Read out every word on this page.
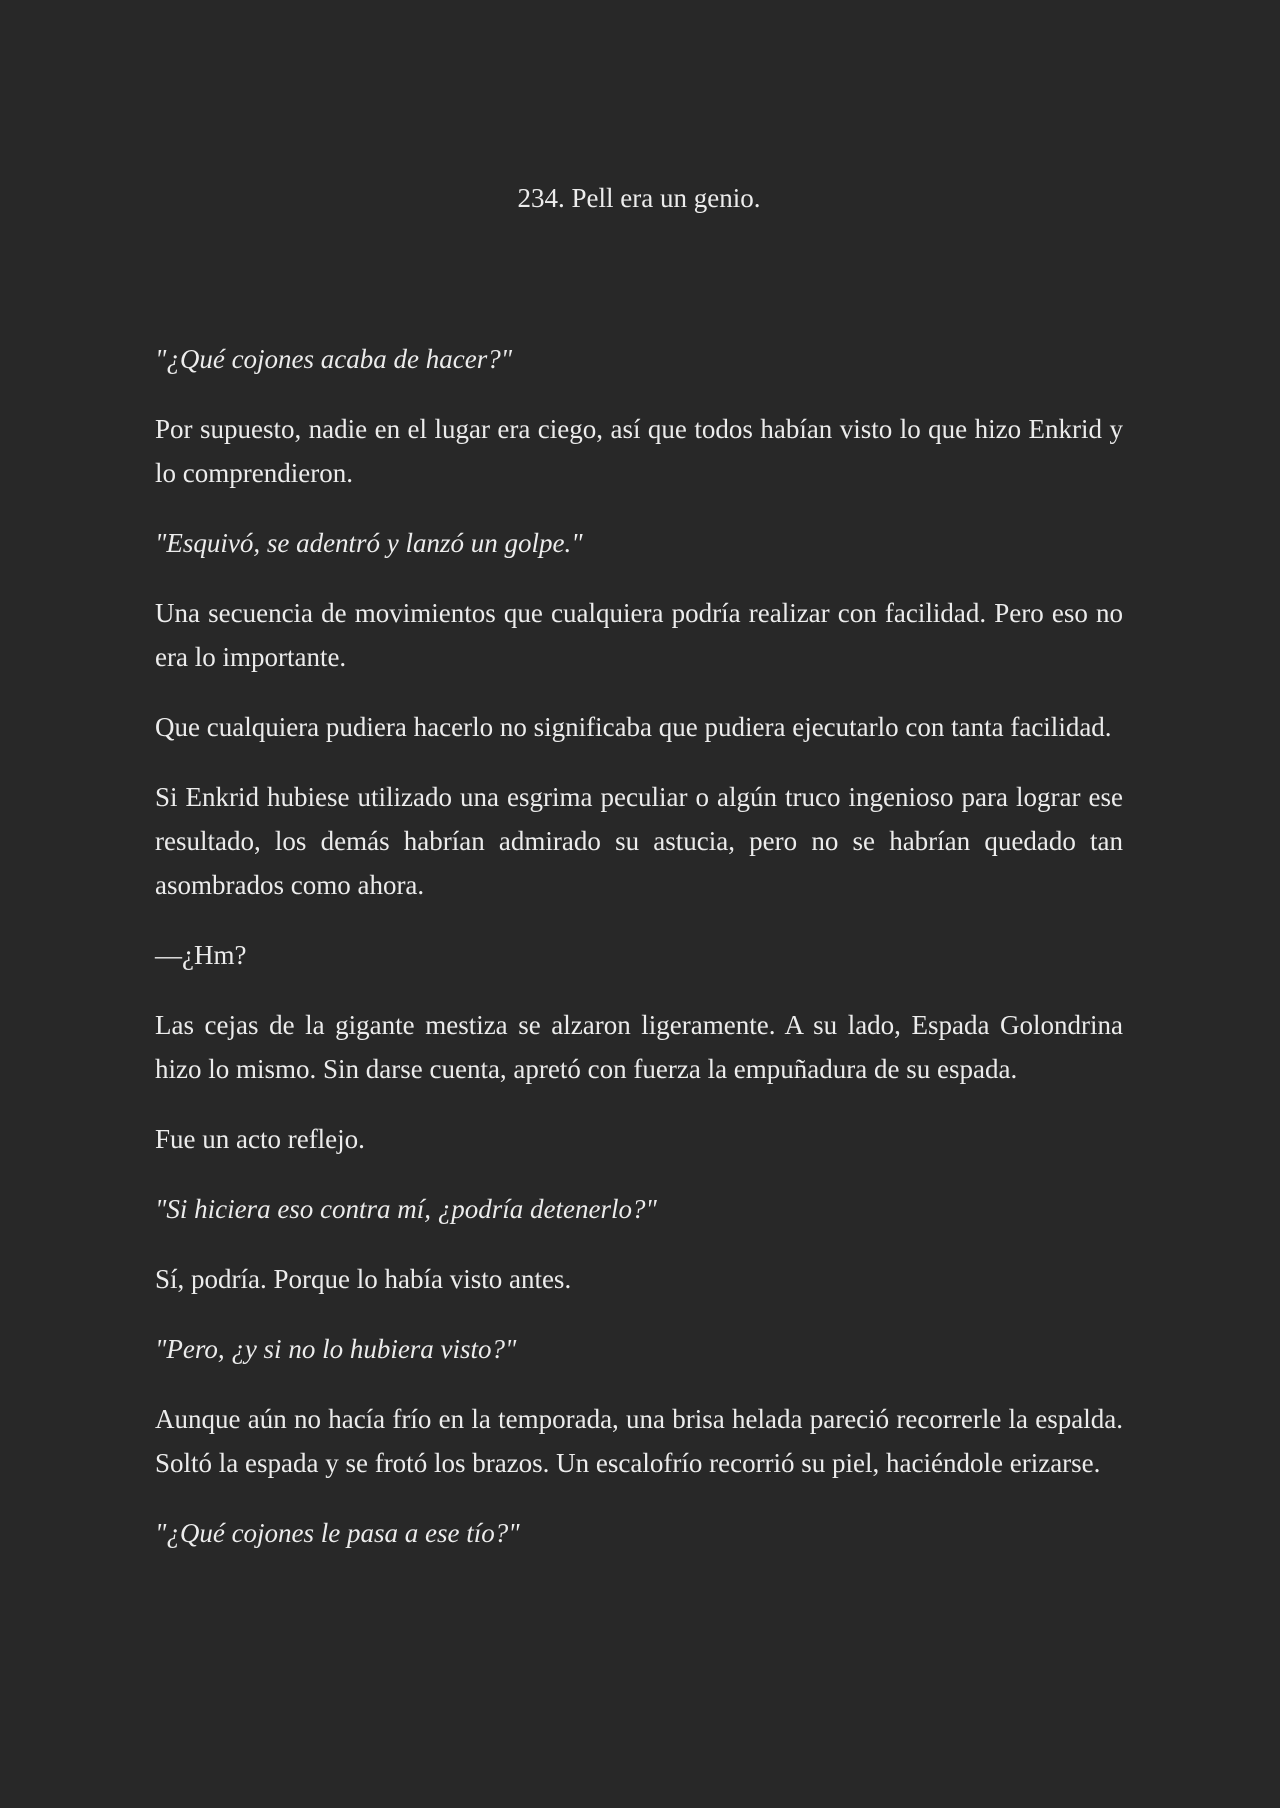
234. Pell era un genio.

"¿Qué cojones acaba de hacer?"

Por supuesto, nadie en el lugar era ciego, así que todos habían visto lo que hizo Enkrid y lo comprendieron.

"Esquivó, se adentró y lanzó un golpe."

Una secuencia de movimientos que cualquiera podría realizar con facilidad. Pero eso no era lo importante.

Que cualquiera pudiera hacerlo no significaba que pudiera ejecutarlo con tanta facilidad.

Si Enkrid hubiese utilizado una esgrima peculiar o algún truco ingenioso para lograr ese resultado, los demás habrían admirado su astucia, pero no se habrían quedado tan asombrados como ahora.

—¿Hm?

Las cejas de la gigante mestiza se alzaron ligeramente. A su lado, Espada Golondrina hizo lo mismo. Sin darse cuenta, apretó con fuerza la empuñadura de su espada.

Fue un acto reflejo.

"Si hiciera eso contra mí, ¿podría detenerlo?"

Sí, podría. Porque lo había visto antes.

"Pero, ¿y si no lo hubiera visto?"

Aunque aún no hacía frío en la temporada, una brisa helada pareció recorrerle la espalda. Soltó la espada y se frotó los brazos. Un escalofrío recorrió su piel, haciéndole erizarse.

"¿Qué cojones le pasa a ese tío?"
